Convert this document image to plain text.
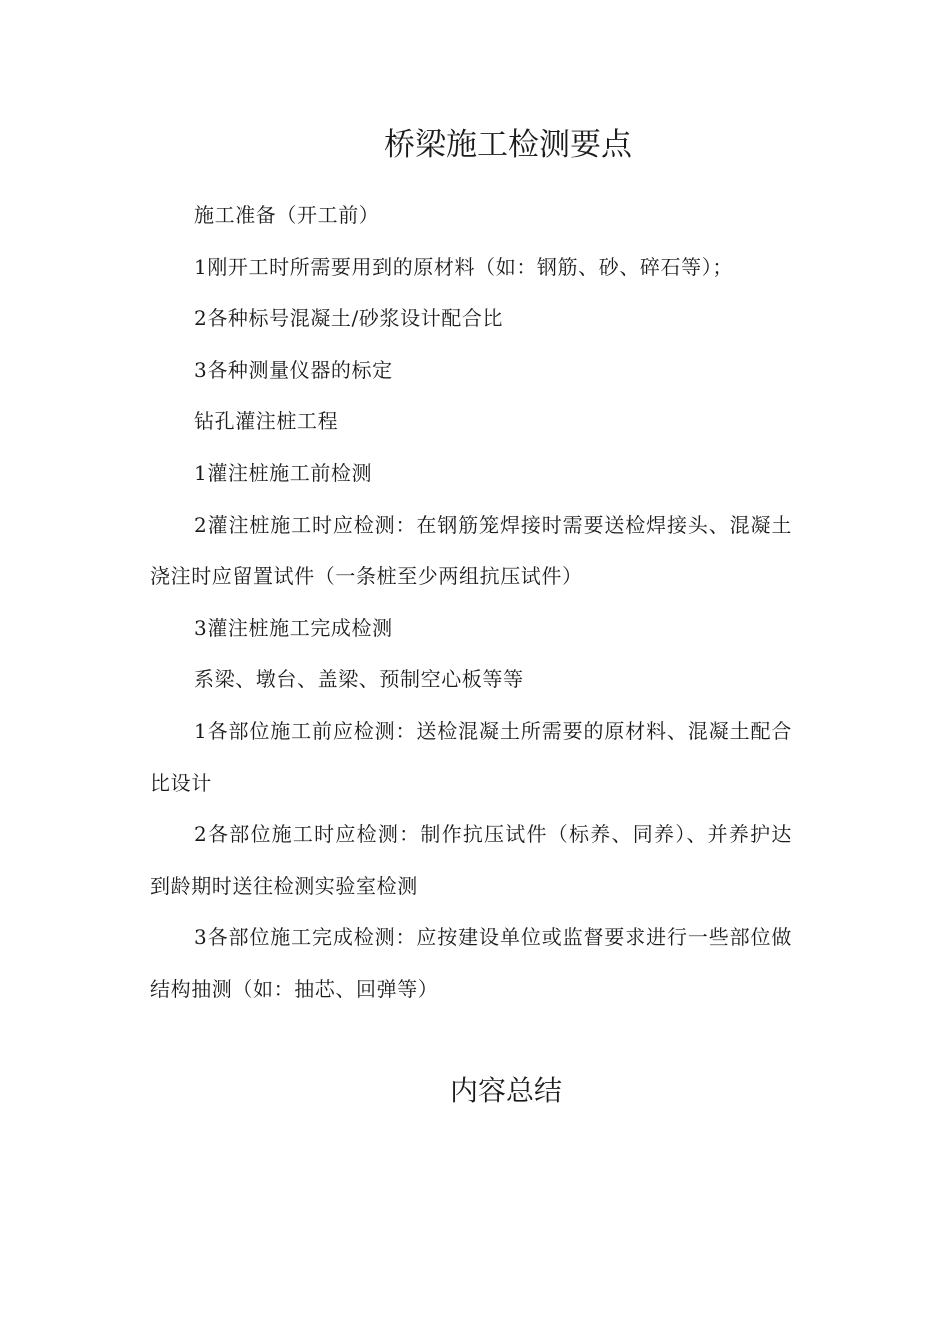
桥梁施工检测要点

施工准备（开工前）

1刚开工时所需要用到的原材料（如：钢筋、砂、碎石等）；

2各种标号混凝土/砂浆设计配合比

3各种测量仪器的标定

钻孔灌注桩工程

1灌注桩施工前检测

2灌注桩施工时应检测：在钢筋笼焊接时需要送检焊接头、混凝土浇注时应留置试件（一条桩至少两组抗压试件）

3灌注桩施工完成检测

系梁、墩台、盖梁、预制空心板等等

1各部位施工前应检测：送检混凝土所需要的原材料、混凝土配合比设计

2各部位施工时应检测：制作抗压试件（标养、同养）、并养护达到龄期时送往检测实验室检测

3各部位施工完成检测：应按建设单位或监督要求进行一些部位做结构抽测（如：抽芯、回弹等）

内容总结
